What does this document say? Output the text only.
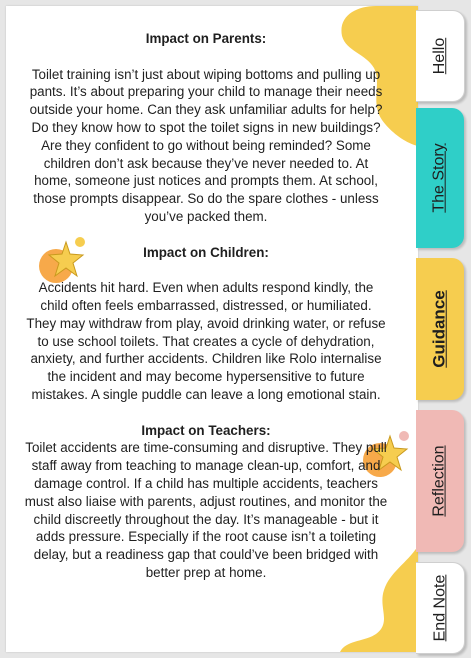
Impact on Parents:

Toilet training isn’t just about wiping bottoms and pulling up pants. It’s about preparing your child to manage their needs outside your home. Can they ask unfamiliar adults for help? Do they know how to spot the toilet signs in new buildings? Are they confident to go without being reminded? Some children don’t ask because they’ve never needed to. At home, someone just notices and prompts them. At school, those prompts disappear. So do the spare clothes - unless you’ve packed them.

Impact on Children:

Accidents hit hard. Even when adults respond kindly, the child often feels embarrassed, distressed, or humiliated. They may withdraw from play, avoid drinking water, or refuse to use school toilets. That creates a cycle of dehydration, anxiety, and further accidents. Children like Rolo internalise the incident and may become hypersensitive to future mistakes. A single puddle can leave a long emotional stain.

Impact on Teachers:

Toilet accidents are time-consuming and disruptive. They pull staff away from teaching to manage clean-up, comfort, and damage control. If a child has multiple accidents, teachers must also liaise with parents, adjust routines, and monitor the child discreetly throughout the day. It’s manageable - but it adds pressure. Especially if the root cause isn’t a toileting delay, but a readiness gap that could’ve been bridged with better prep at home.

Hello
The Story
Guidance
Reflection
End Note
